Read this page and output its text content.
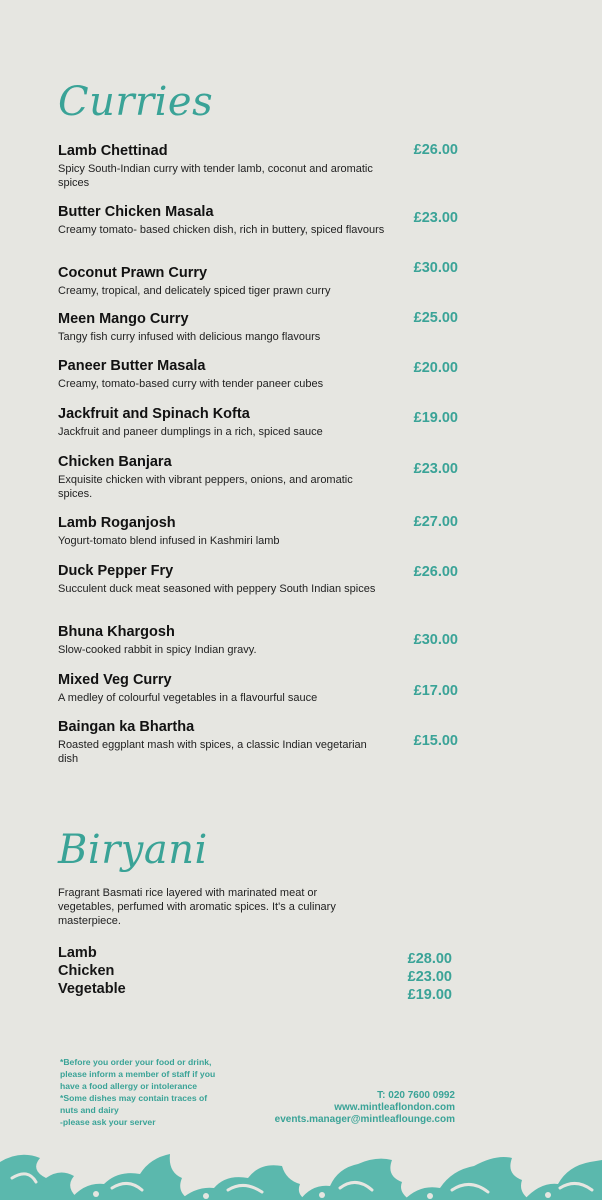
Curries
Lamb Chettinad
Spicy South-Indian curry with tender lamb, coconut and aromatic spices
£26.00
Butter Chicken Masala
Creamy tomato- based chicken dish, rich in buttery, spiced flavours
£23.00
Coconut Prawn Curry
Creamy, tropical, and delicately spiced tiger prawn curry
£30.00
Meen Mango Curry
Tangy fish curry infused with delicious mango flavours
£25.00
Paneer Butter Masala
Creamy, tomato-based curry with tender paneer cubes
£20.00
Jackfruit and Spinach Kofta
Jackfruit and paneer dumplings in a rich, spiced sauce
£19.00
Chicken Banjara
Exquisite chicken with vibrant peppers, onions, and aromatic spices.
£23.00
Lamb Roganjosh
Yogurt-tomato blend infused in Kashmiri lamb
£27.00
Duck Pepper Fry
Succulent duck meat seasoned with peppery South Indian spices
£26.00
Bhuna Khargosh
Slow-cooked rabbit in spicy Indian gravy.
£30.00
Mixed Veg Curry
A medley of colourful vegetables in a flavourful sauce	£17.00
Baingan ka Bhartha
Roasted eggplant mash with spices, a classic Indian vegetarian dish
£15.00
Biryani
Fragrant Basmati rice layered with marinated meat or vegetables, perfumed with aromatic spices. It's a culinary masterpiece.
Lamb
Chicken
Vegetable
£28.00
£23.00
£19.00
*Before you order your food or drink,
please inform a member of staff if you
have a food allergy or intolerance
*Some dishes may contain traces of
nuts and dairy
-please ask your server
T: 020 7600 0992
www.mintleaflondon.com
events.manager@mintleaflounge.com
